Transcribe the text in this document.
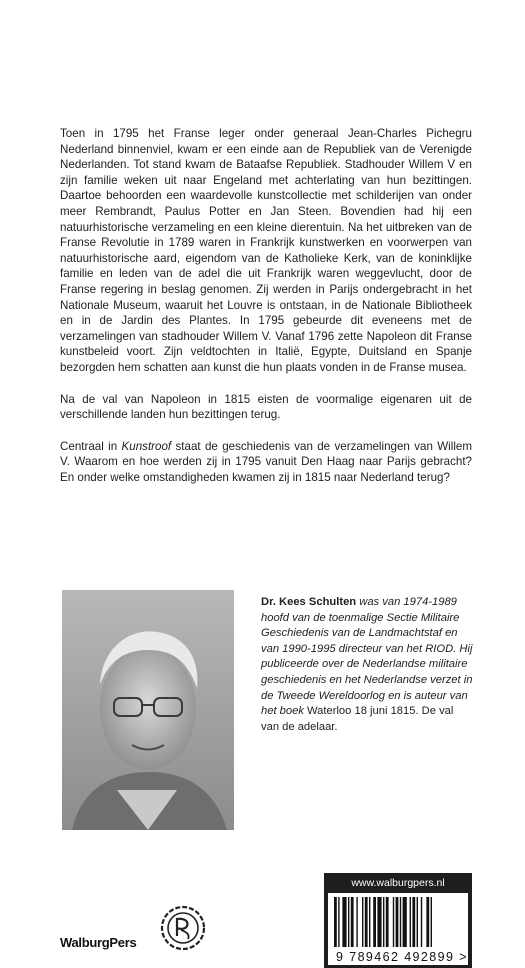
Toen in 1795 het Franse leger onder generaal Jean-Charles Pichegru Nederland binnenviel, kwam er een einde aan de Republiek van de Verenigde Nederlanden. Tot stand kwam de Bataafse Republiek. Stadhouder Willem V en zijn familie weken uit naar Engeland met achterlating van hun bezittingen. Daartoe behoorden een waardevolle kunstcollectie met schilderijen van onder meer Rembrandt, Paulus Potter en Jan Steen. Bovendien had hij een natuurhistorische verzameling en een kleine dierentuin. Na het uitbreken van de Franse Revolutie in 1789 waren in Frankrijk kunstwerken en voorwerpen van natuurhistorische aard, eigendom van de Katholieke Kerk, van de koninklijke familie en leden van de adel die uit Frankrijk waren weggevlucht, door de Franse regering in beslag genomen. Zij werden in Parijs ondergebracht in het Nationale Museum, waaruit het Louvre is ontstaan, in de Nationale Bibliotheek en in de Jardin des Plantes. In 1795 gebeurde dit eveneens met de verzamelingen van stadhouder Willem V. Vanaf 1796 zette Napoleon dit Franse kunstbeleid voort. Zijn veldtochten in Italië, Egypte, Duitsland en Spanje bezorgden hem schatten aan kunst die hun plaats vonden in de Franse musea.

Na de val van Napoleon in 1815 eisten de voormalige eigenaren uit de verschillende landen hun bezittingen terug.

Centraal in Kunstroof staat de geschiedenis van de verzamelingen van Willem V. Waarom en hoe werden zij in 1795 vanuit Den Haag naar Parijs gebracht? En onder welke omstandigheden kwamen zij in 1815 naar Nederland terug?

Dr. Kees Schulten was van 1974-1989 hoofd van de toenmalige Sectie Militaire Geschiedenis van de Landmachtstaf en van 1990-1995 directeur van het RIOD. Hij publiceerde over de Nederlandse militaire geschiedenis en het Nederlandse verzet in de Tweede Wereldoorlog en is auteur van het boek Waterloo 18 juni 1815. De val van de adelaar.
www.walburgpers.nl
9 789462 492899 >
WalburgPers
